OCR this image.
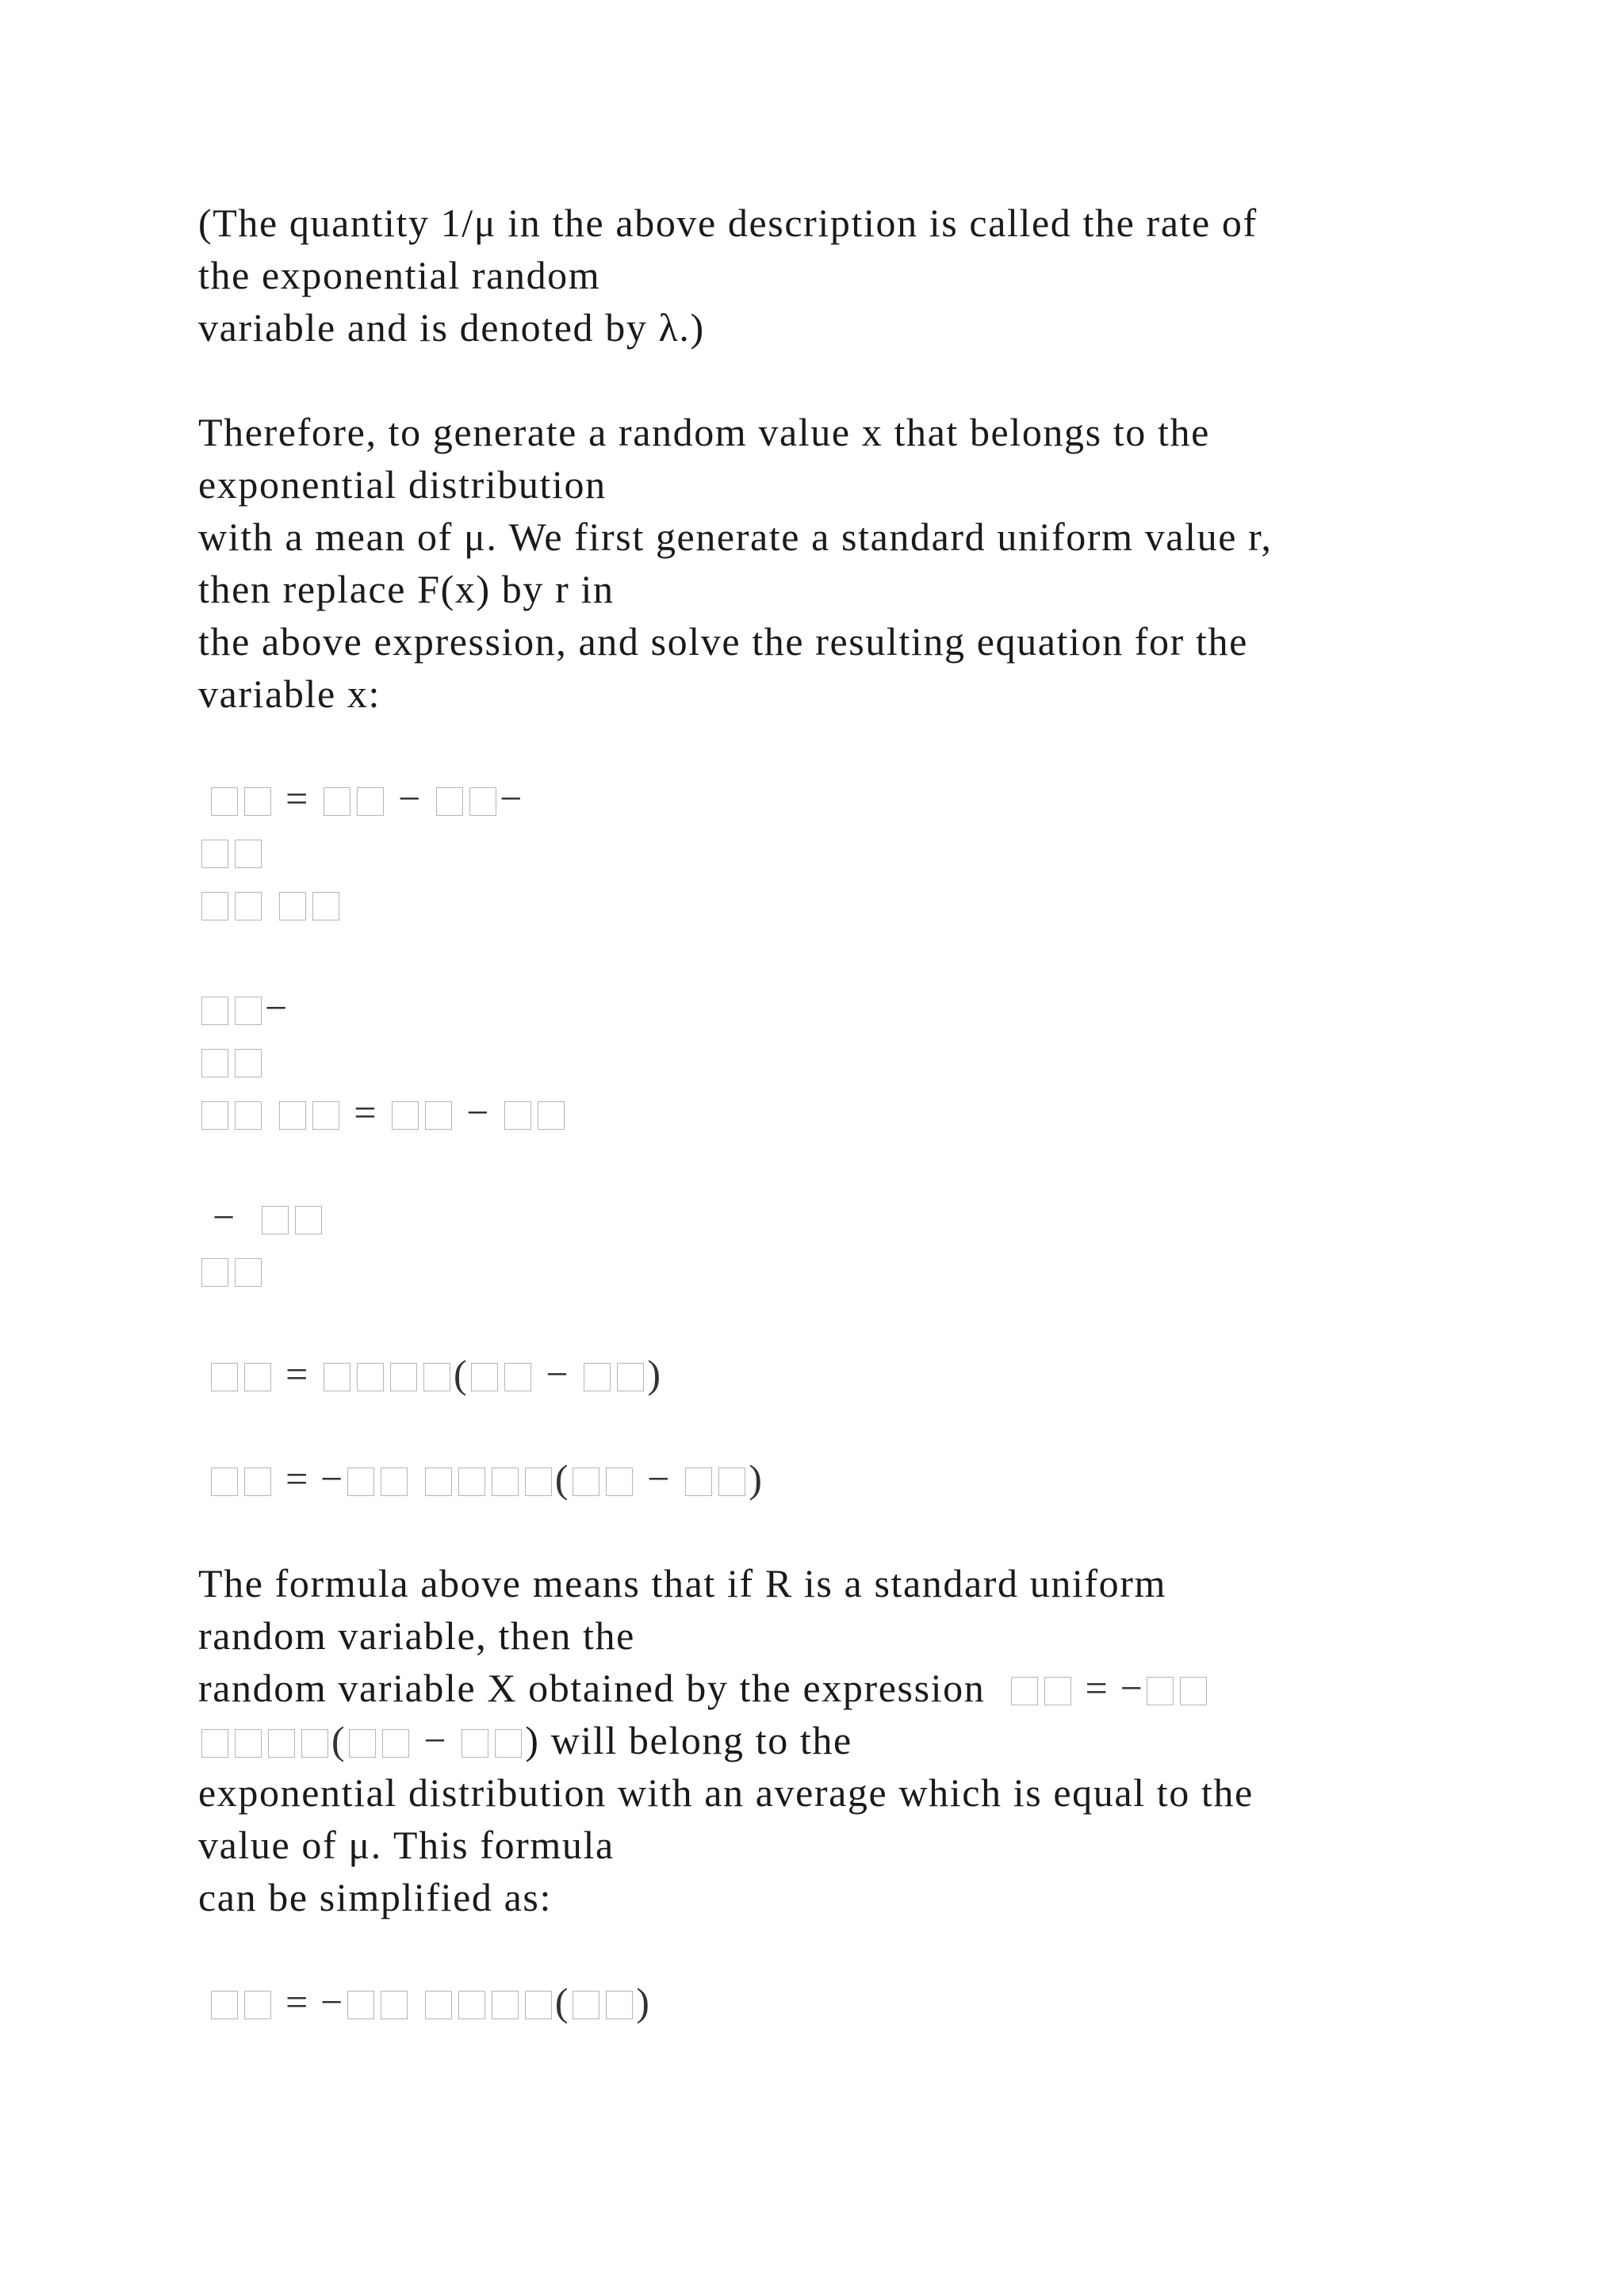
(The quantity 1/μ in the above description is called the rate of
the exponential random
variable and is denoted by λ.)
Therefore, to generate a random value x that belongs to the
exponential distribution
with a mean of μ. We first generate a standard uniform value r,
then replace F(x) by r in
the above expression, and solve the resulting equation for the
variable x:
= − −

−
= −
−
=	( − )
= −	( − )
The formula above means that if R is a standard uniform
random variable, then the
random variable X obtained by the expression   = −
( − ) will belong to the
exponential distribution with an average which is equal to the
value of μ. This formula
can be simplified as:
= −	( )
